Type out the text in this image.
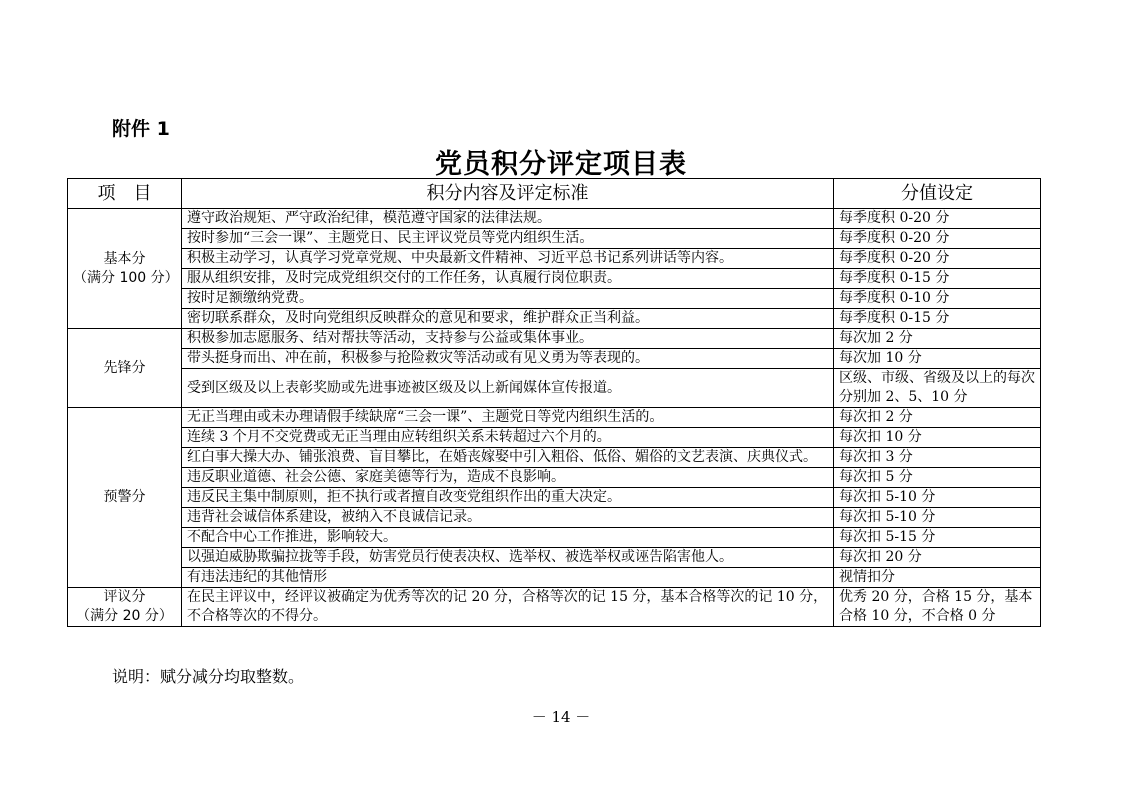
附件 1
党员积分评定项目表
项　目	积分内容及评定标准	分值设定

基本分
（满分 100 分）	遵守政治规矩、严守政治纪律，模范遵守国家的法律法规。	每季度积 0-20 分
	按时参加“三会一课”、主题党日、民主评议党员等党内组织生活。	每季度积 0-20 分
	积极主动学习，认真学习党章党规、中央最新文件精神、习近平总书记系列讲话等内容。	每季度积 0-20 分
	服从组织安排，及时完成党组织交付的工作任务，认真履行岗位职责。	每季度积 0-15 分
	按时足额缴纳党费。	每季度积 0-10 分
	密切联系群众，及时向党组织反映群众的意见和要求，维护群众正当利益。	每季度积 0-15 分

先锋分	积极参加志愿服务、结对帮扶等活动，支持参与公益或集体事业。	每次加 2 分
	带头挺身而出、冲在前，积极参与抢险救灾等活动或有见义勇为等表现的。	每次加 10 分
	受到区级及以上表彰奖励或先进事迹被区级及以上新闻媒体宣传报道。	区级、市级、省级及以上的每次分别加 2、5、10 分

预警分	无正当理由或未办理请假手续缺席“三会一课”、主题党日等党内组织生活的。	每次扣 2 分
	连续 3 个月不交党费或无正当理由应转组织关系未转超过六个月的。	每次扣 10 分
	红白事大操大办、铺张浪费、盲目攀比，在婚丧嫁娶中引入粗俗、低俗、媚俗的文艺表演、庆典仪式。	每次扣 3 分
	违反职业道德、社会公德、家庭美德等行为，造成不良影响。	每次扣 5 分
	违反民主集中制原则，拒不执行或者擅自改变党组织作出的重大决定。	每次扣 5-10 分
	违背社会诚信体系建设，被纳入不良诚信记录。	每次扣 5-10 分
	不配合中心工作推进，影响较大。	每次扣 5-15 分
	以强迫威胁欺骗拉拢等手段，妨害党员行使表决权、选举权、被选举权或诬告陷害他人。	每次扣 20 分
	有违法违纪的其他情形	视情扣分

评议分
（满分 20 分）	在民主评议中，经评议被确定为优秀等次的记 20 分，合格等次的记 15 分，基本合格等次的记 10 分，不合格等次的不得分。	优秀 20 分，合格 15 分，基本合格 10 分，不合格 0 分
说明：赋分减分均取整数。
－ 14 －
